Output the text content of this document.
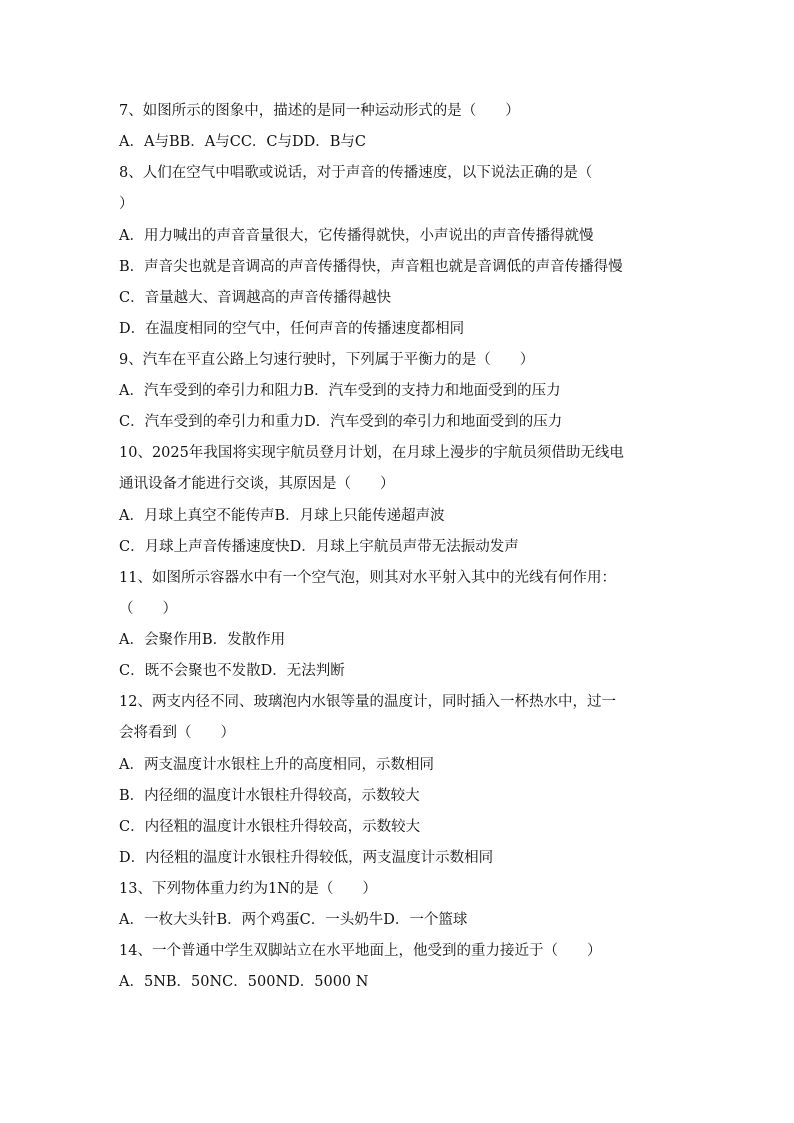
7、如图所示的图象中，描述的是同一种运动形式的是（　　）
A．A与BB．A与CC．C与DD．B与C
8、人们在空气中唱歌或说话，对于声音的传播速度，以下说法正确的是（
）
A．用力喊出的声音音量很大，它传播得就快，小声说出的声音传播得就慢
B．声音尖也就是音调高的声音传播得快，声音粗也就是音调低的声音传播得慢
C．音量越大、音调越高的声音传播得越快
D．在温度相同的空气中，任何声音的传播速度都相同
9、汽车在平直公路上匀速行驶时，下列属于平衡力的是（　　）
A．汽车受到的牵引力和阻力B．汽车受到的支持力和地面受到的压力
C．汽车受到的牵引力和重力D．汽车受到的牵引力和地面受到的压力
10、2025年我国将实现宇航员登月计划，在月球上漫步的宇航员须借助无线电
通讯设备才能进行交谈，其原因是（　　）
A．月球上真空不能传声B．月球上只能传递超声波
C．月球上声音传播速度快D．月球上宇航员声带无法振动发声
11、如图所示容器水中有一个空气泡，则其对水平射入其中的光线有何作用：
（　　）
A．会聚作用B．发散作用
C．既不会聚也不发散D．无法判断
12、两支内径不同、玻璃泡内水银等量的温度计，同时插入一杯热水中，过一
会将看到（　　）
A．两支温度计水银柱上升的高度相同，示数相同
B．内径细的温度计水银柱升得较高，示数较大
C．内径粗的温度计水银柱升得较高，示数较大
D．内径粗的温度计水银柱升得较低，两支温度计示数相同
13、下列物体重力约为1N的是（　　）
A．一枚大头针B．两个鸡蛋C．一头奶牛D．一个篮球
14、一个普通中学生双脚站立在水平地面上，他受到的重力接近于（　　）
A．5NB．50NC．500ND．5000 N
